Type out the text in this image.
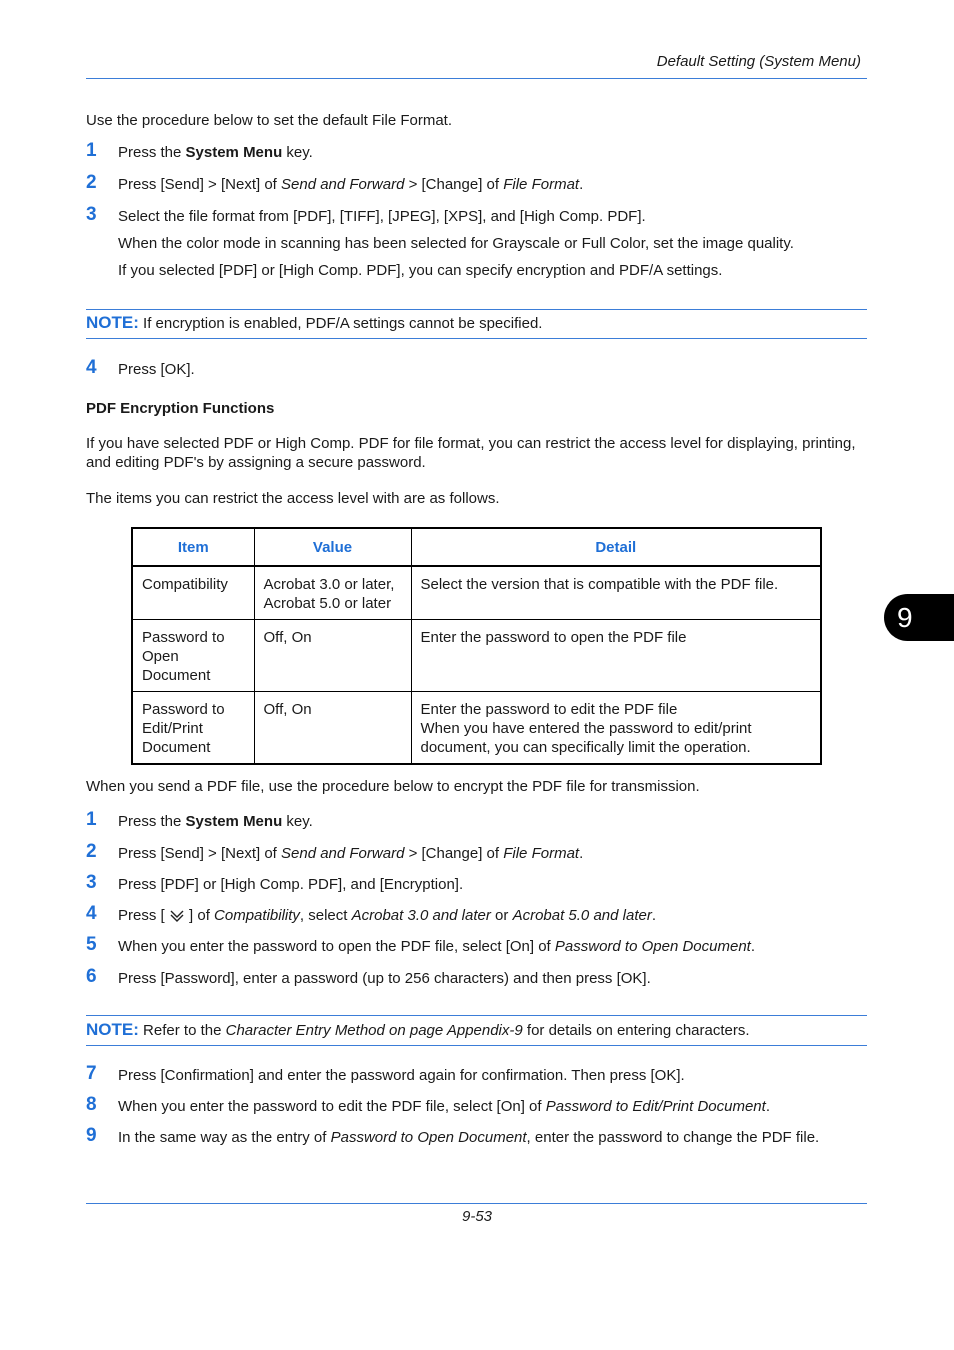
Default Setting (System Menu)
Use the procedure below to set the default File Format.
1 Press the System Menu key.
2 Press [Send] > [Next] of Send and Forward > [Change] of File Format.
3 Select the file format from [PDF], [TIFF], [JPEG], [XPS], and [High Comp. PDF].
When the color mode in scanning has been selected for Grayscale or Full Color, set the image quality.
If you selected [PDF] or [High Comp. PDF], you can specify encryption and PDF/A settings.
NOTE: If encryption is enabled, PDF/A settings cannot be specified.
4 Press [OK].
PDF Encryption Functions
If you have selected PDF or High Comp. PDF for file format, you can restrict the access level for displaying, printing, and editing PDF's by assigning a secure password.
The items you can restrict the access level with are as follows.
Item	Value	Detail
Compatibility	Acrobat 3.0 or later, Acrobat 5.0 or later	Select the version that is compatible with the PDF file.
Password to Open Document	Off, On	Enter the password to open the PDF file
Password to Edit/Print Document	Off, On	Enter the password to edit the PDF file
When you have entered the password to edit/print document, you can specifically limit the operation.
9
When you send a PDF file, use the procedure below to encrypt the PDF file for transmission.
1 Press the System Menu key.
2 Press [Send] > [Next] of Send and Forward > [Change] of File Format.
3 Press [PDF] or [High Comp. PDF], and [Encryption].
4 Press [  ] of Compatibility, select Acrobat 3.0 and later or Acrobat 5.0 and later.
5 When you enter the password to open the PDF file, select [On] of Password to Open Document.
6 Press [Password], enter a password (up to 256 characters) and then press [OK].
NOTE: Refer to the Character Entry Method on page Appendix-9 for details on entering characters.
7 Press [Confirmation] and enter the password again for confirmation. Then press [OK].
8 When you enter the password to edit the PDF file, select [On] of Password to Edit/Print Document.
9 In the same way as the entry of Password to Open Document, enter the password to change the PDF file.
9-53
